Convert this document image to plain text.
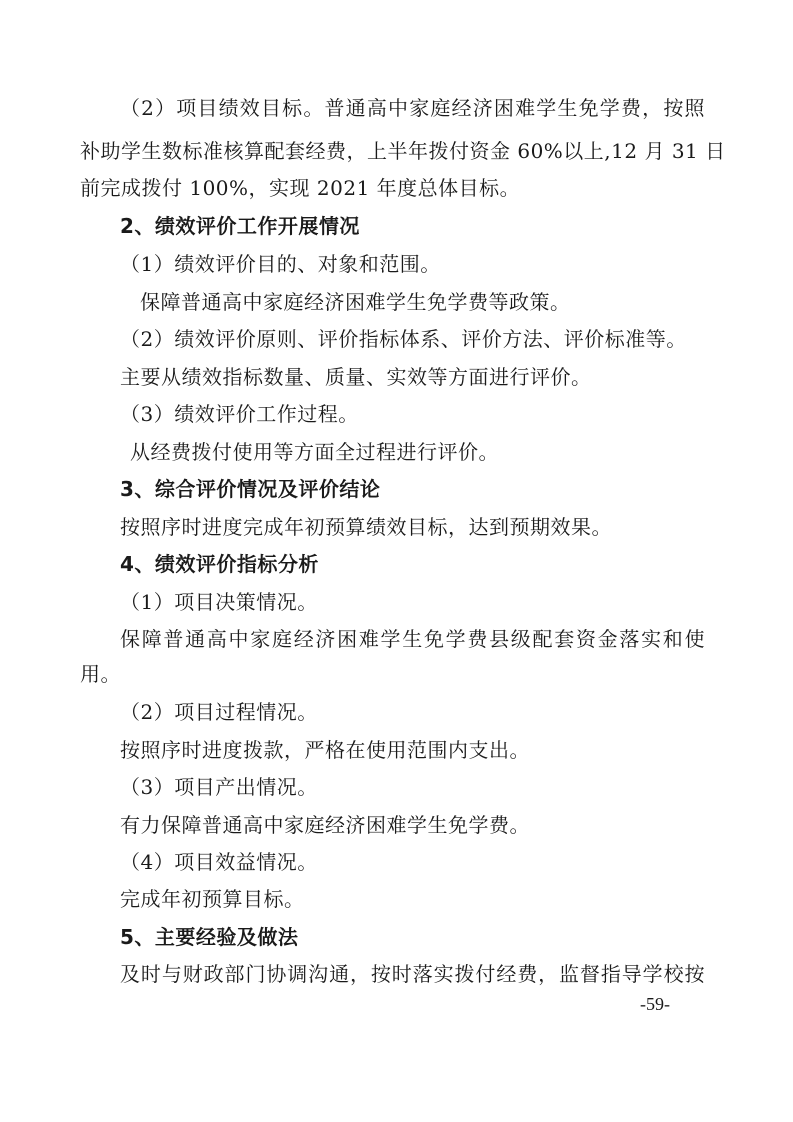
（2）项目绩效目标。普通高中家庭经济困难学生免学费，按照
补助学生数标准核算配套经费，上半年拨付资金 60%以上,12 月 31 日
前完成拨付 100%，实现 2021 年度总体目标。
2、绩效评价工作开展情况
（1）绩效评价目的、对象和范围。
保障普通高中家庭经济困难学生免学费等政策。
（2）绩效评价原则、评价指标体系、评价方法、评价标准等。
主要从绩效指标数量、质量、实效等方面进行评价。
（3）绩效评价工作过程。
从经费拨付使用等方面全过程进行评价。
3、综合评价情况及评价结论
按照序时进度完成年初预算绩效目标，达到预期效果。
4、绩效评价指标分析
（1）项目决策情况。
保障普通高中家庭经济困难学生免学费县级配套资金落实和使
用。
（2）项目过程情况。
按照序时进度拨款，严格在使用范围内支出。
（3）项目产出情况。
有力保障普通高中家庭经济困难学生免学费。
（4）项目效益情况。
完成年初预算目标。
5、主要经验及做法
及时与财政部门协调沟通，按时落实拨付经费，监督指导学校按
-59-
